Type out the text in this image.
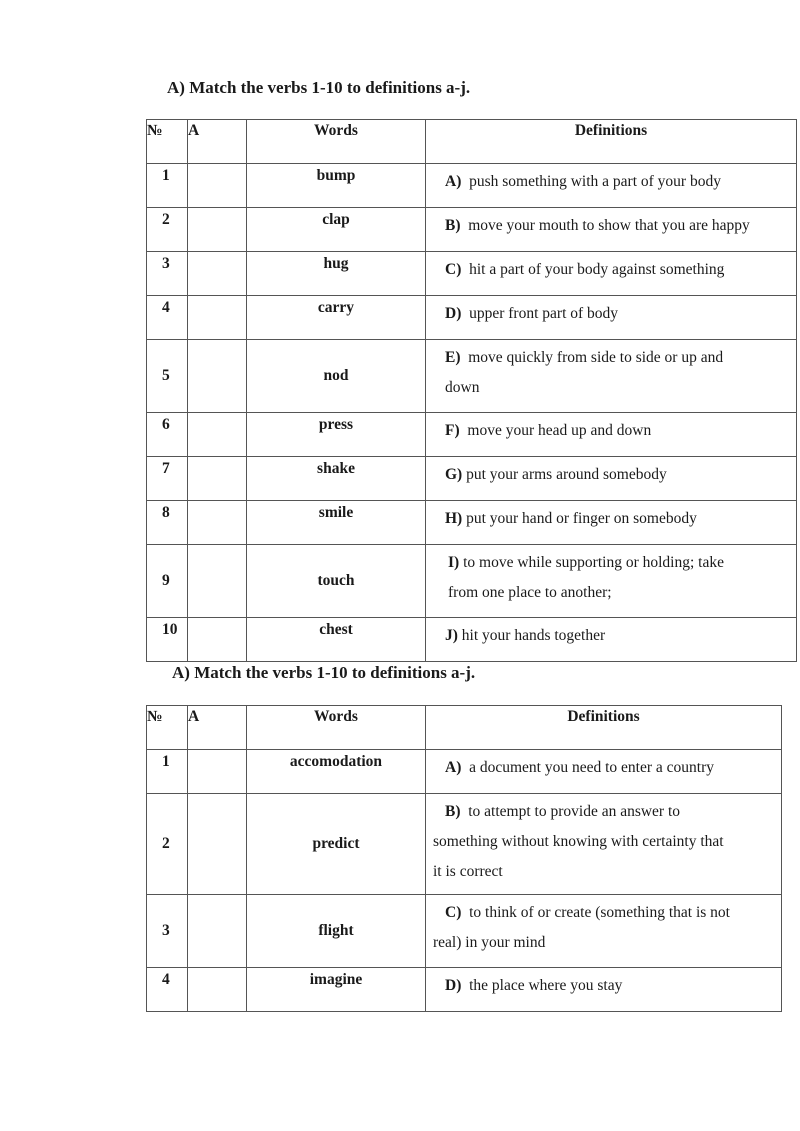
A) Match the verbs 1-10 to definitions a-j.
№	A	Words	Definitions
1		bump	A) push something with a part of your body
2		clap	B) move your mouth to show that you are happy
3		hug	C) hit a part of your body against something
4		carry	D) upper front part of body
5		nod	E) move quickly from side to side or up and
down
6		press	F) move your head up and down
7		shake	G) put your arms around somebody
8		smile	H) put your hand or finger on somebody
9		touch	I) to move while supporting or holding; take
from one place to another;
10		chest	J) hit your hands together
A) Match the verbs 1-10 to definitions a-j.
№	A	Words	Definitions
1		accomodation	A) a document you need to enter a country
2		predict	B) to attempt to provide an answer to
something without knowing with certainty that
it is correct
3		flight	C) to think of or create (something that is not
real) in your mind
4		imagine	D) the place where you stay
